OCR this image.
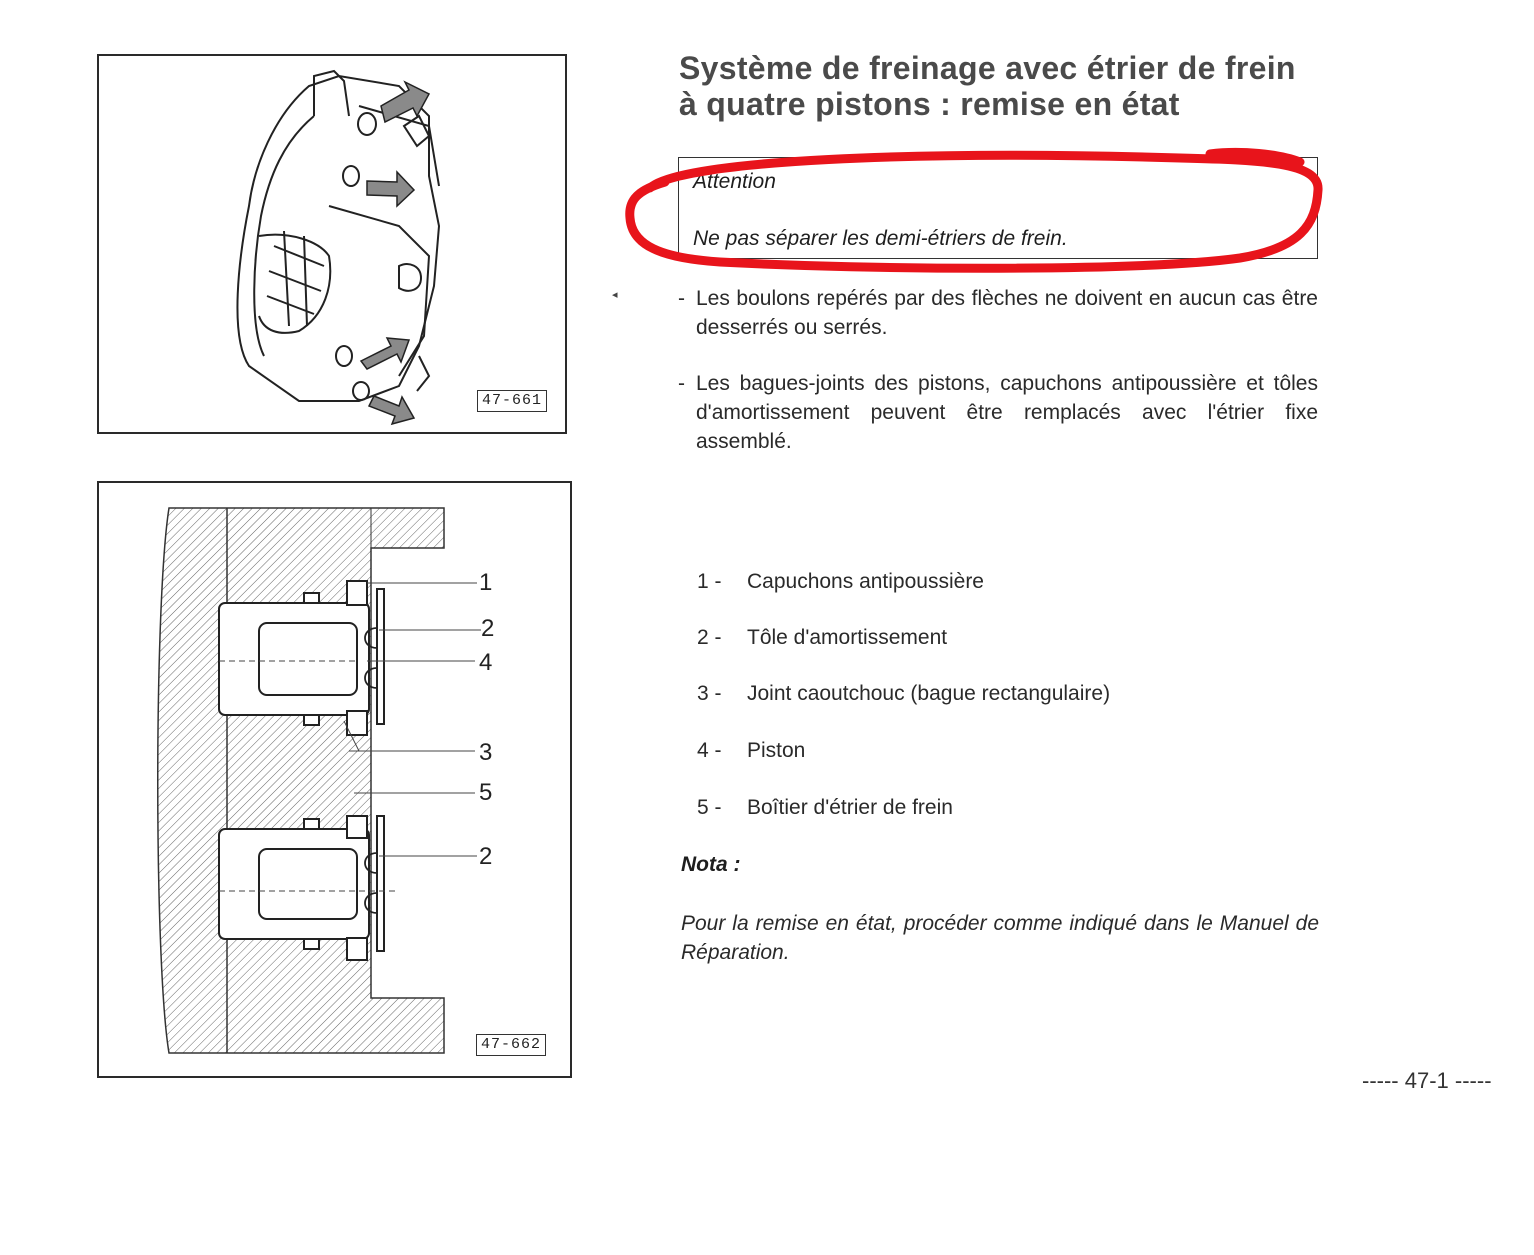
47-661
1
2
4
3
5
2
47-662
Système de freinage avec étrier de frein
à quatre pistons : remise en état
Attention
Ne pas séparer les demi-étriers de frein.
◂	- Les boulons repérés par des flèches ne doivent en aucun cas être desserrés ou serrés.
- Les bagues-joints des pistons, capuchons antipoussière et tôles d'amortissement peuvent être remplacés avec l'étrier fixe assemblé.
1 - Capuchons antipoussière
2 - Tôle d'amortissement
3 - Joint caoutchouc (bague rectangulaire)
4 - Piston
5 - Boîtier d'étrier de frein
Nota :
Pour la remise en état, procéder comme indiqué dans le Manuel de Réparation.
----- 47-1 -----
